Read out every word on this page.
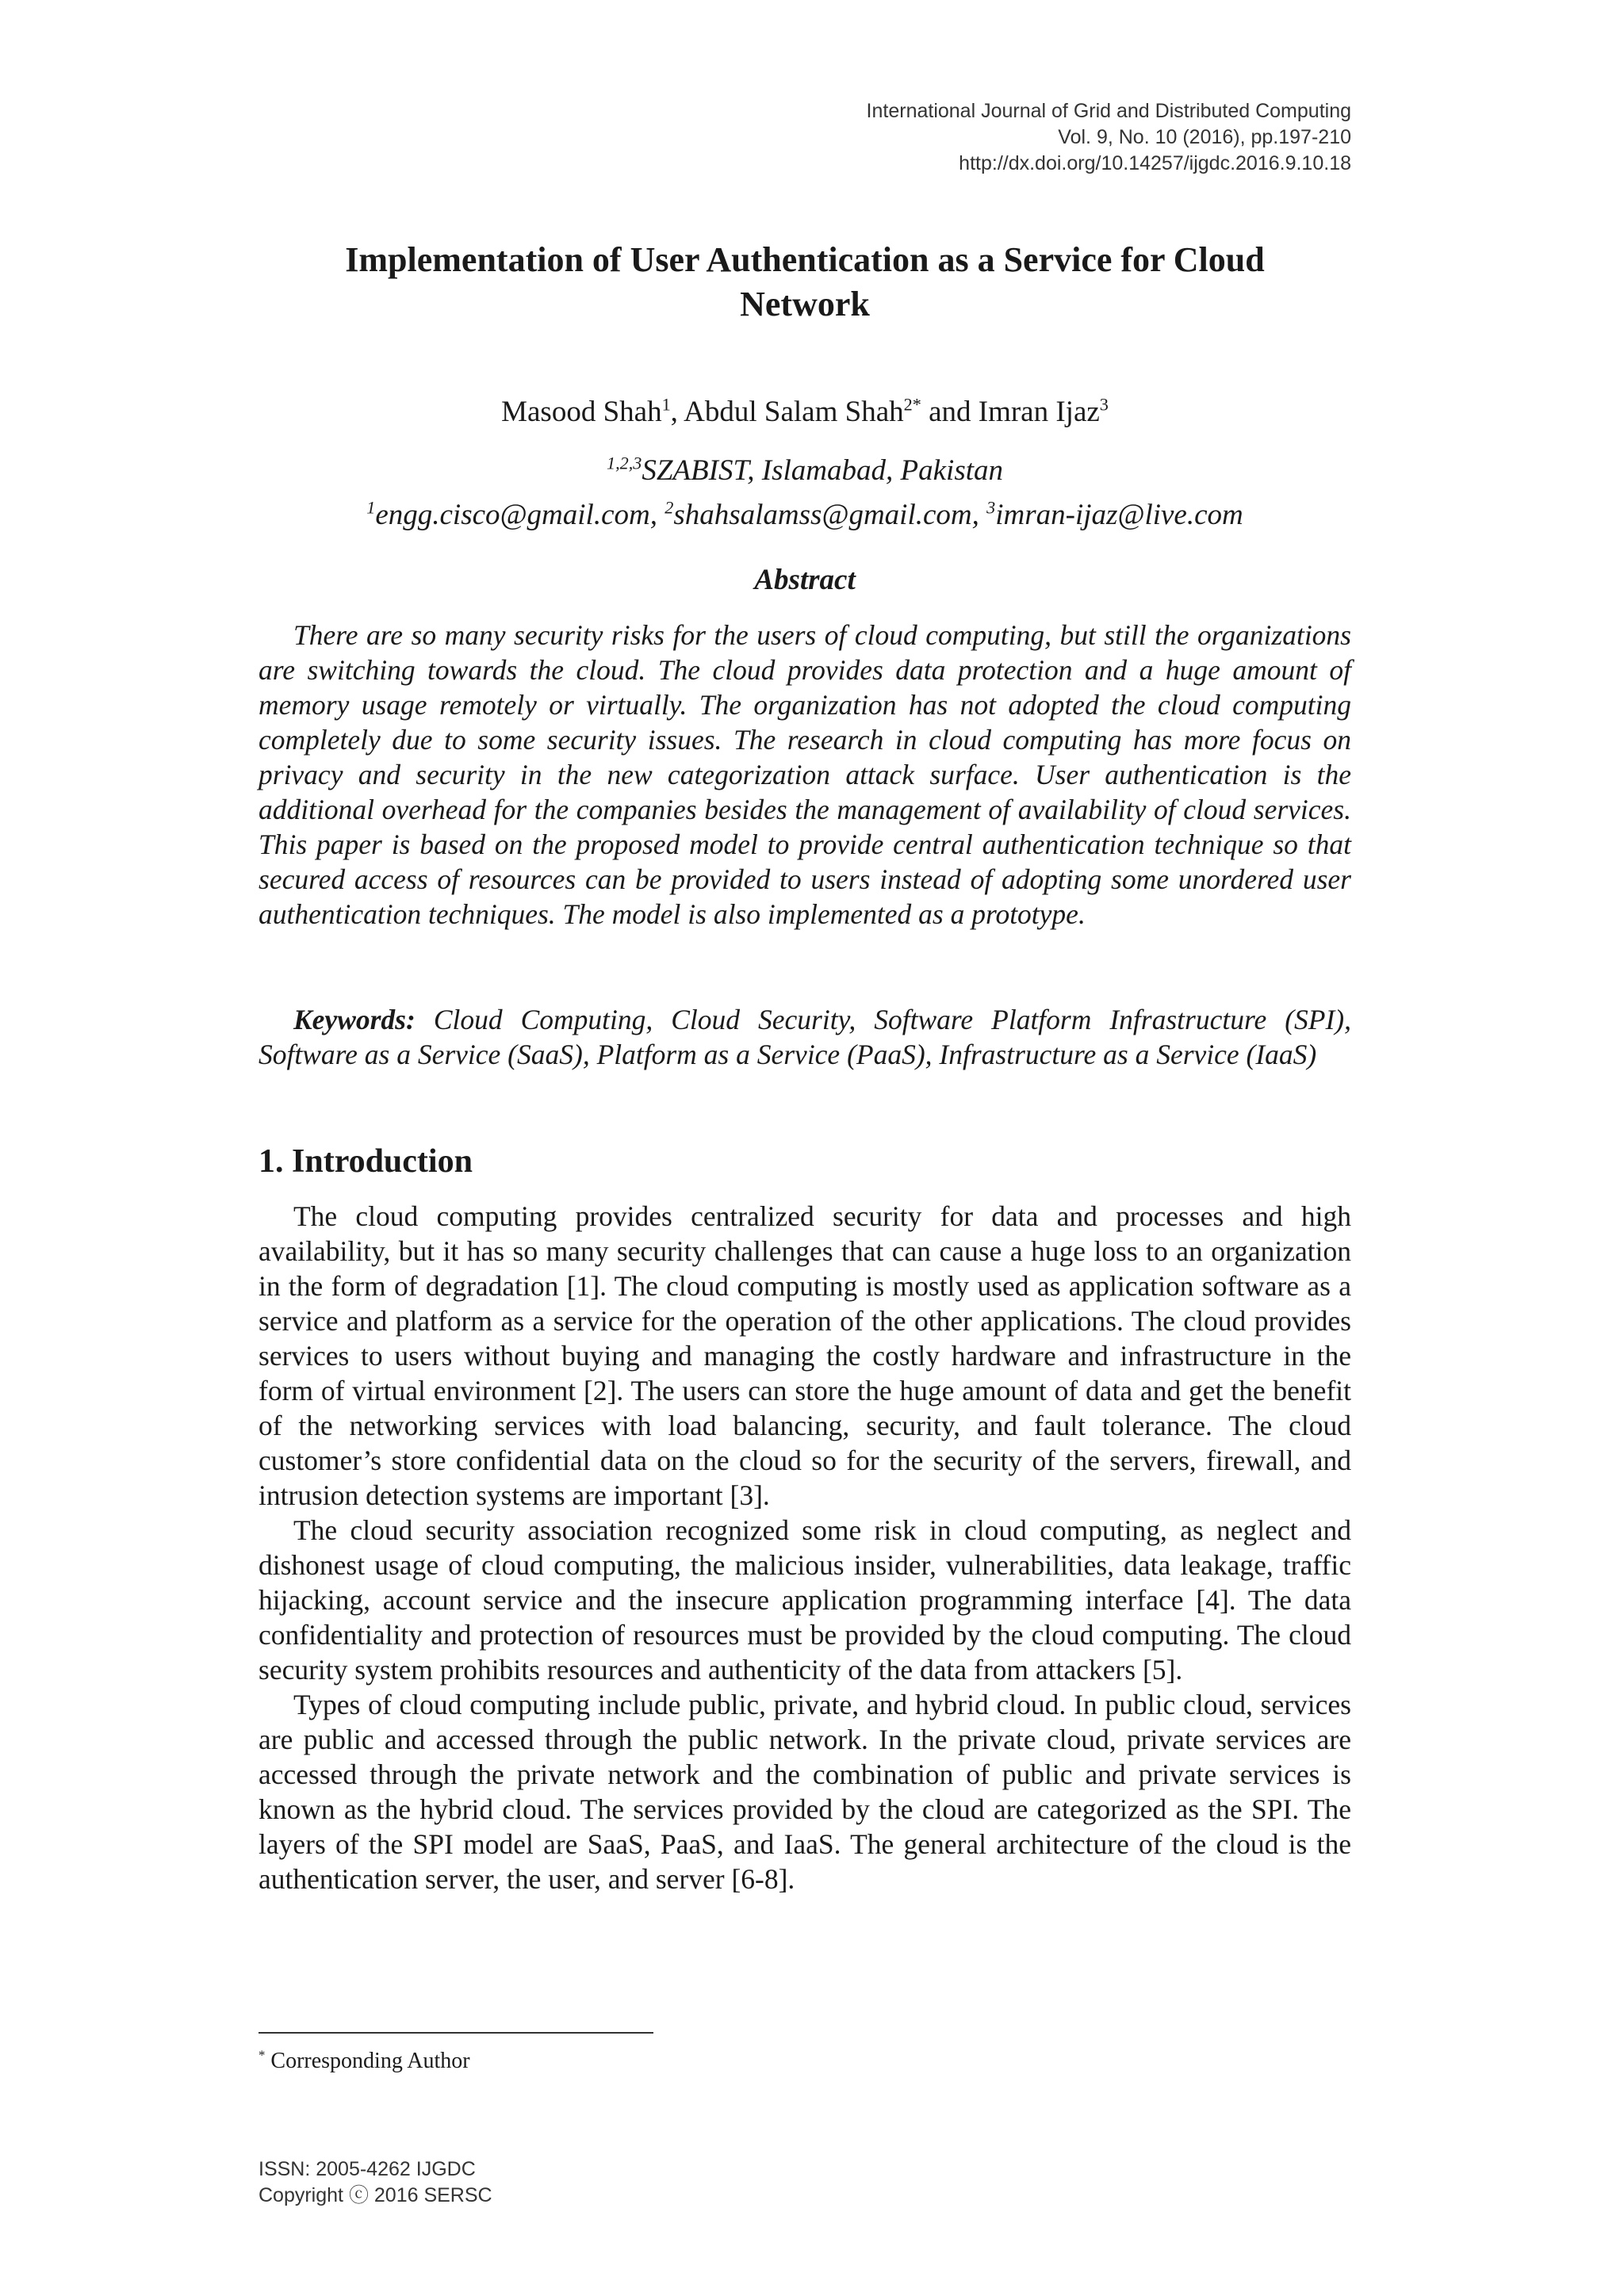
International Journal of Grid and Distributed Computing
Vol. 9, No. 10 (2016), pp.197-210
http://dx.doi.org/10.14257/ijgdc.2016.9.10.18
Implementation of User Authentication as a Service for Cloud
Network
Masood Shah$^1$, Abdul Salam Shah$^{2*}$ and Imran Ijaz$^3$
$^{1,2,3}$SZABIST, Islamabad, Pakistan
$^1$engg.cisco@gmail.com, $^2$shahsalamss@gmail.com, $^3$imran-ijaz@live.com
Abstract

There are so many security risks for the users of cloud computing, but still the organizations are switching towards the cloud. The cloud provides data protection and a huge amount of memory usage remotely or virtually. The organization has not adopted the cloud computing completely due to some security issues. The research in cloud computing has more focus on privacy and security in the new categorization attack surface. User authentication is the additional overhead for the companies besides the management of availability of cloud services. This paper is based on the proposed model to provide central authentication technique so that secured access of resources can be provided to users instead of adopting some unordered user authentication techniques. The model is also implemented as a prototype.

Keywords: Cloud Computing, Cloud Security, Software Platform Infrastructure (SPI), Software as a Service (SaaS), Platform as a Service (PaaS), Infrastructure as a Service (IaaS)

1. Introduction

The cloud computing provides centralized security for data and processes and high availability, but it has so many security challenges that can cause a huge loss to an organization in the form of degradation [1]. The cloud computing is mostly used as application software as a service and platform as a service for the operation of the other applications. The cloud provides services to users without buying and managing the costly hardware and infrastructure in the form of virtual environment [2]. The users can store the huge amount of data and get the benefit of the networking services with load balancing, security, and fault tolerance. The cloud customer’s store confidential data on the cloud so for the security of the servers, firewall, and intrusion detection systems are important [3].

The cloud security association recognized some risk in cloud computing, as neglect and dishonest usage of cloud computing, the malicious insider, vulnerabilities, data leakage, traffic hijacking, account service and the insecure application programming interface [4]. The data confidentiality and protection of resources must be provided by the cloud computing. The cloud security system prohibits resources and authenticity of the data from attackers [5].

Types of cloud computing include public, private, and hybrid cloud. In public cloud, services are public and accessed through the public network. In the private cloud, private services are accessed through the private network and the combination of public and private services is known as the hybrid cloud. The services provided by the cloud are categorized as the SPI. The layers of the SPI model are SaaS, PaaS, and IaaS. The general architecture of the cloud is the authentication server, the user, and server [6-8].

* Corresponding Author
ISSN: 2005-4262 IJGDC
Copyright ⓒ 2016 SERSC
